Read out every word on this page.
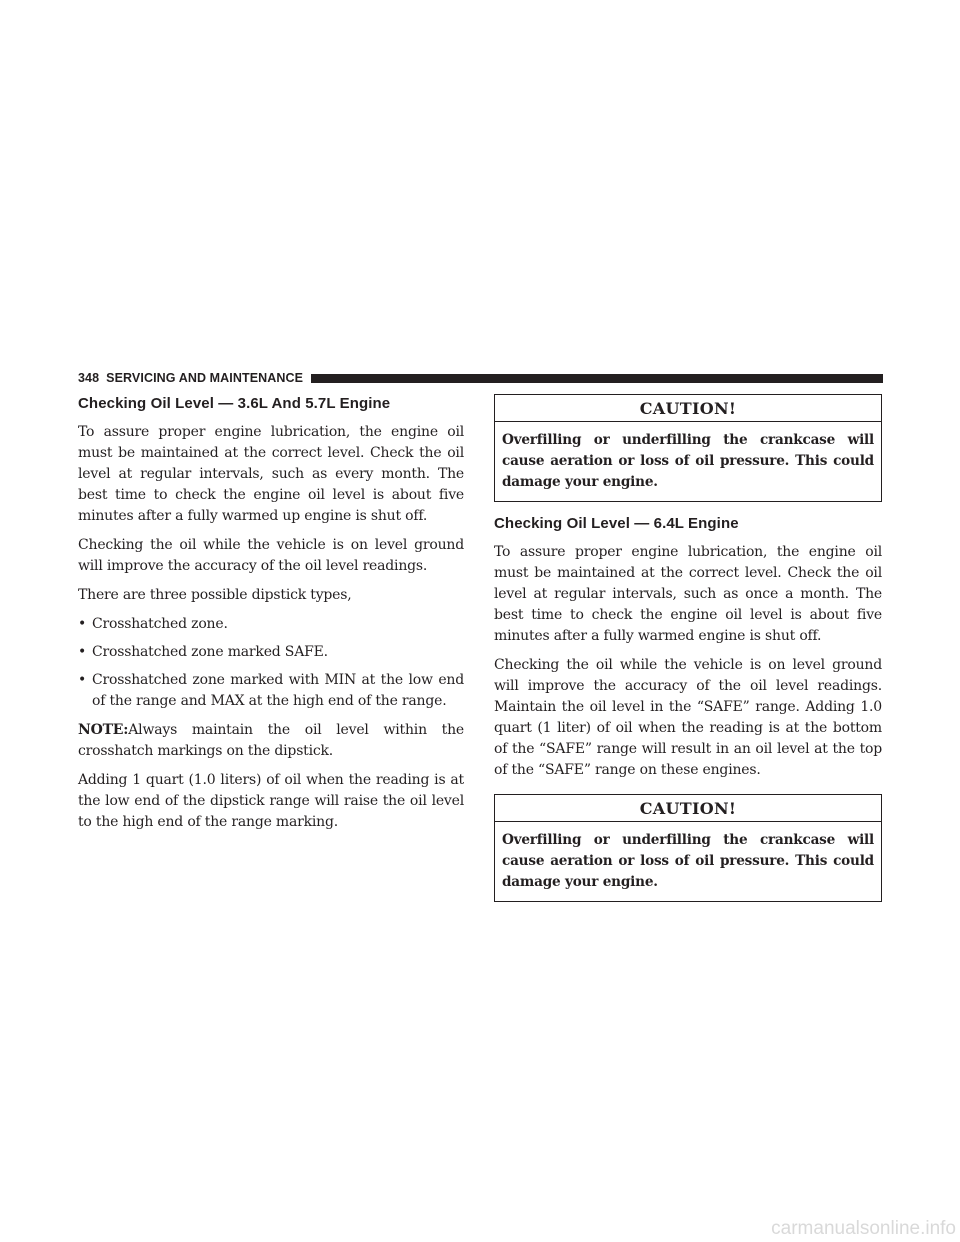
348 SERVICING AND MAINTENANCE
Checking Oil Level — 3.6L And 5.7L Engine

To assure proper engine lubrication, the engine oil must be maintained at the correct level. Check the oil level at regular intervals, such as every month. The best time to check the engine oil level is about five minutes after a fully warmed up engine is shut off.

Checking the oil while the vehicle is on level ground will improve the accuracy of the oil level readings.

There are three possible dipstick types,

• Crosshatched zone.
• Crosshatched zone marked SAFE.
• Crosshatched zone marked with MIN at the low end of the range and MAX at the high end of the range.

NOTE:Always maintain the oil level within the crosshatch markings on the dipstick.

Adding 1 quart (1.0 liters) of oil when the reading is at the low end of the dipstick range will raise the oil level to the high end of the range marking.

CAUTION!
Overfilling or underfilling the crankcase will cause aeration or loss of oil pressure. This could damage your engine.
Checking Oil Level — 6.4L Engine

To assure proper engine lubrication, the engine oil must be maintained at the correct level. Check the oil level at regular intervals, such as once a month. The best time to check the engine oil level is about five minutes after a fully warmed engine is shut off.

Checking the oil while the vehicle is on level ground will improve the accuracy of the oil level readings. Maintain the oil level in the “SAFE” range. Adding 1.0 quart (1 liter) of oil when the reading is at the bottom of the “SAFE” range will result in an oil level at the top of the “SAFE” range on these engines.

CAUTION!
Overfilling or underfilling the crankcase will cause aeration or loss of oil pressure. This could damage your engine.
carmanualsonline.info
